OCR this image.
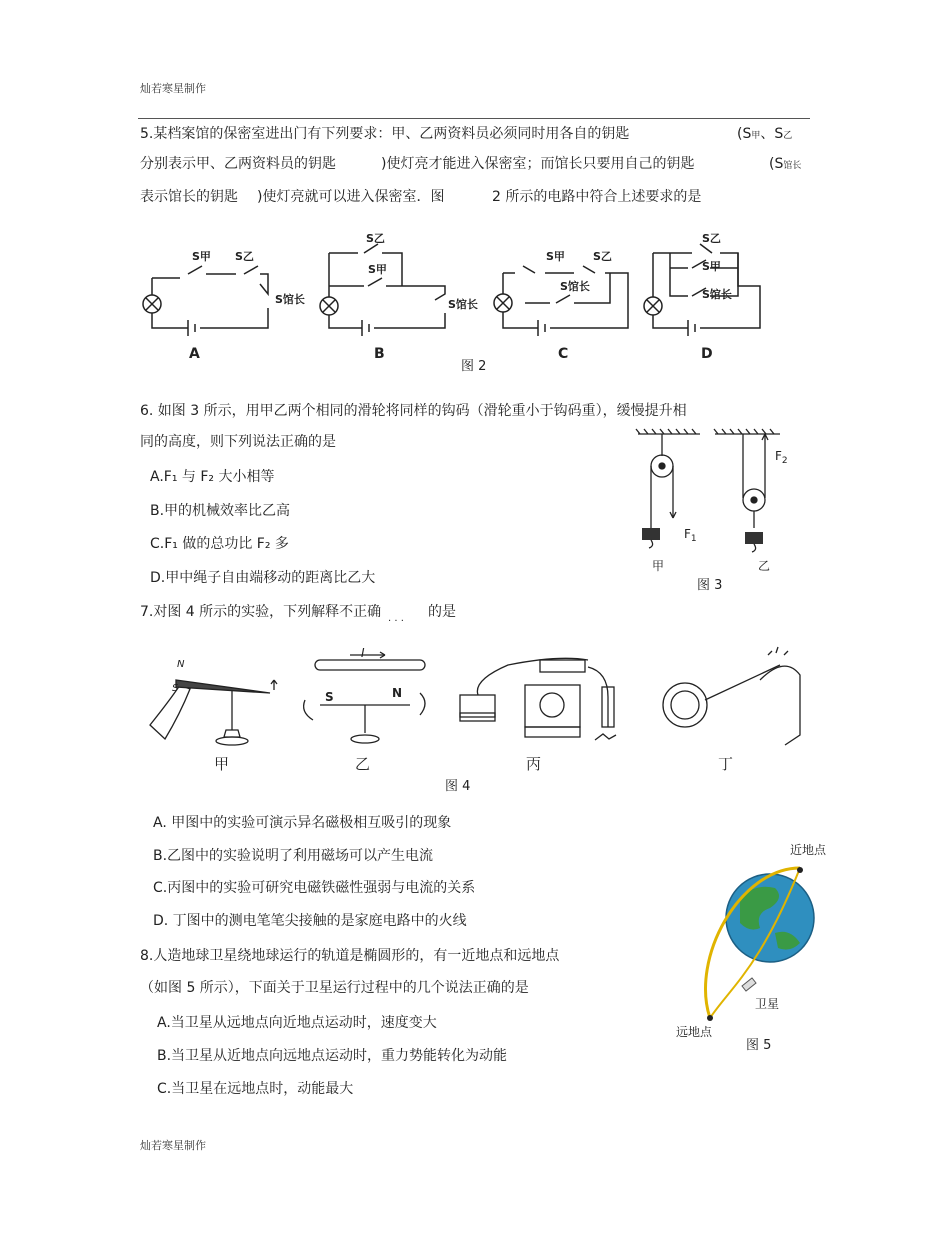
灿若寒星制作
5.某档案馆的保密室进出门有下列要求：甲、乙两资料员必须同时用各自的钥匙	(S甲、S乙
分别表示甲、乙两资料员的钥匙	)使灯亮才能进入保密室；而馆长只要用自己的钥匙	(S馆长
表示馆长的钥匙 )使灯亮就可以进入保密室．图	2 所示的电路中符合上述要求的是
S甲 S乙
S馆长
S乙
S甲
S馆长
S甲	S乙
S馆长
S乙
S甲
S馆长
A	B	C	D
图 2
6. 如图 3 所示，用甲乙两个相同的滑轮将同样的钩码（滑轮重小于钩码重），缓慢提升相
同的高度，则下列说法正确的是
A.F₁ 与 F₂ 大小相等
B.甲的机械效率比乙高
C.F₁ 做的总功比 F₂ 多
D.甲中绳子自由端移动的距离比乙大
$F_2$
$F_1$
甲	乙
图 3
7.对图 4 所示的实验，下列解释不正确	的是
· · ·
N
S
I
S	N
甲	乙	丙	丁
图 4
A. 甲图中的实验可演示异名磁极相互吸引的现象
B.乙图中的实验说明了利用磁场可以产生电流
C.丙图中的实验可研究电磁铁磁性强弱与电流的关系
D. 丁图中的测电笔笔尖接触的是家庭电路中的火线
8.人造地球卫星绕地球运行的轨道是椭圆形的，有一近地点和远地点
（如图 5 所示），下面关于卫星运行过程中的几个说法正确的是
A.当卫星从远地点向近地点运动时，速度变大
B.当卫星从近地点向远地点运动时，重力势能转化为动能
C.当卫星在远地点时，动能最大
近地点
卫星
远地点
图 5
灿若寒星制作
